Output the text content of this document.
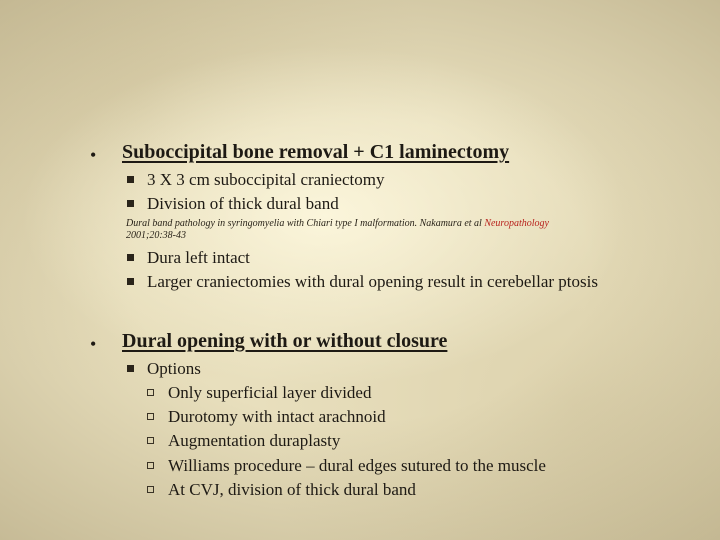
• Suboccipital bone removal + C1 laminectomy
3 X 3 cm suboccipital craniectomy
Division of thick dural band
Dural band pathology in syringomyelia with Chiari type I malformation. Nakamura et al Neuropathology
2001;20:38-43
Dura left intact
Larger craniectomies with dural opening result in cerebellar ptosis
• Dural opening with or without closure
Options
Only superficial layer divided
Durotomy with intact arachnoid
Augmentation duraplasty
Williams procedure – dural edges sutured to the muscle
At CVJ, division of thick dural band
